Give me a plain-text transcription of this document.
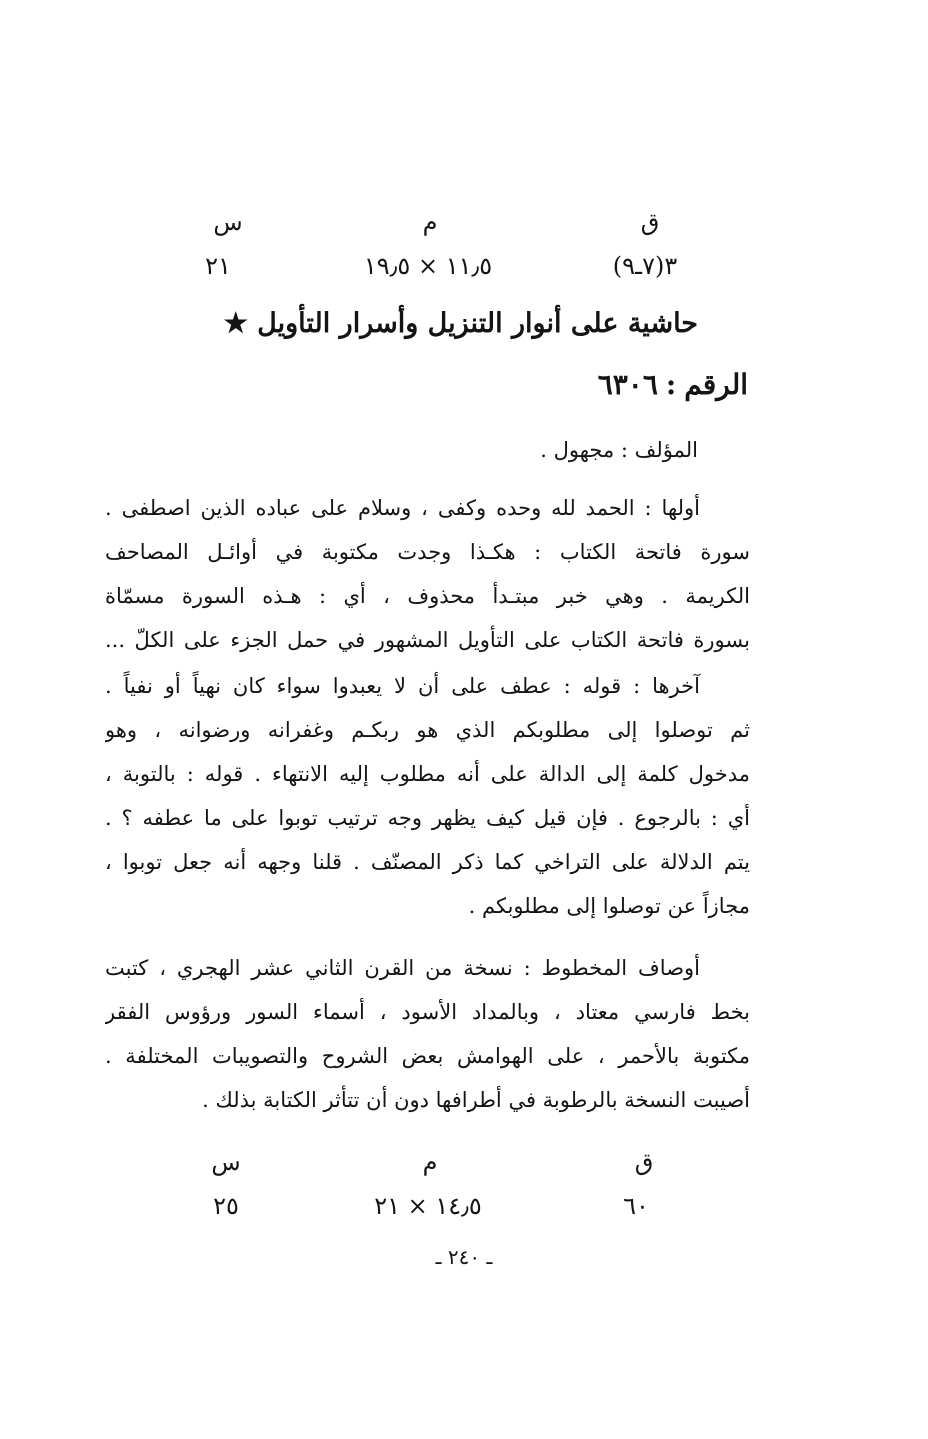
ق
م
س
٣(٧ـ٩)
١١٫٥ × ١٩٫٥
٢١
حاشية على أنوار التنزيل وأسرار التأويل ★
الرقم:٦٣٠٦
المؤلف : مجهول .
أولها : الحمد لله وحده وكفى ، وسلام على عباده الذين اصطفى .
سورة فاتحة الكتاب : هكـذا وجدت مكتوبة في أوائـل المصاحف
الكريمة . وهي خبر مبتـدأ محذوف ، أي : هـذه السورة مسمّاة
بسورة فاتحة الكتاب على التأويل المشهور في حمل الجزء على الكلّ ...
آخرها : قوله : عطف على أن لا يعبدوا سواء كان نهياً أو نفياً .
ثم توصلوا إلى مطلوبكم الذي هو ربكـم وغفرانه ورضوانه ، وهو
مدخول كلمة إلى الدالة على أنه مطلوب إليه الانتهاء . قوله : بالتوبة ،
أي : بالرجوع . فإن قيل كيف يظهر وجه ترتيب توبوا على ما عطفه ؟ .
يتم الدلالة على التراخي كما ذكر المصنّف . قلنا وجهه أنه جعل توبوا ،
مجازاً عن توصلوا إلى مطلوبكم .
أوصاف المخطوط : نسخة من القرن الثاني عشر الهجري ، كتبت
بخط فارسي معتاد ، وبالمداد الأسود ، أسماء السور ورؤوس الفقر
مكتوبة بالأحمر ، على الهوامش بعض الشروح والتصويبات المختلفة .
أصيبت النسخة بالرطوبة في أطرافها دون أن تتأثر الكتابة بذلك .
ق
م
س
٦٠
١٤٫٥ × ٢١
٢٥
ـ ٢٤٠ ـ
